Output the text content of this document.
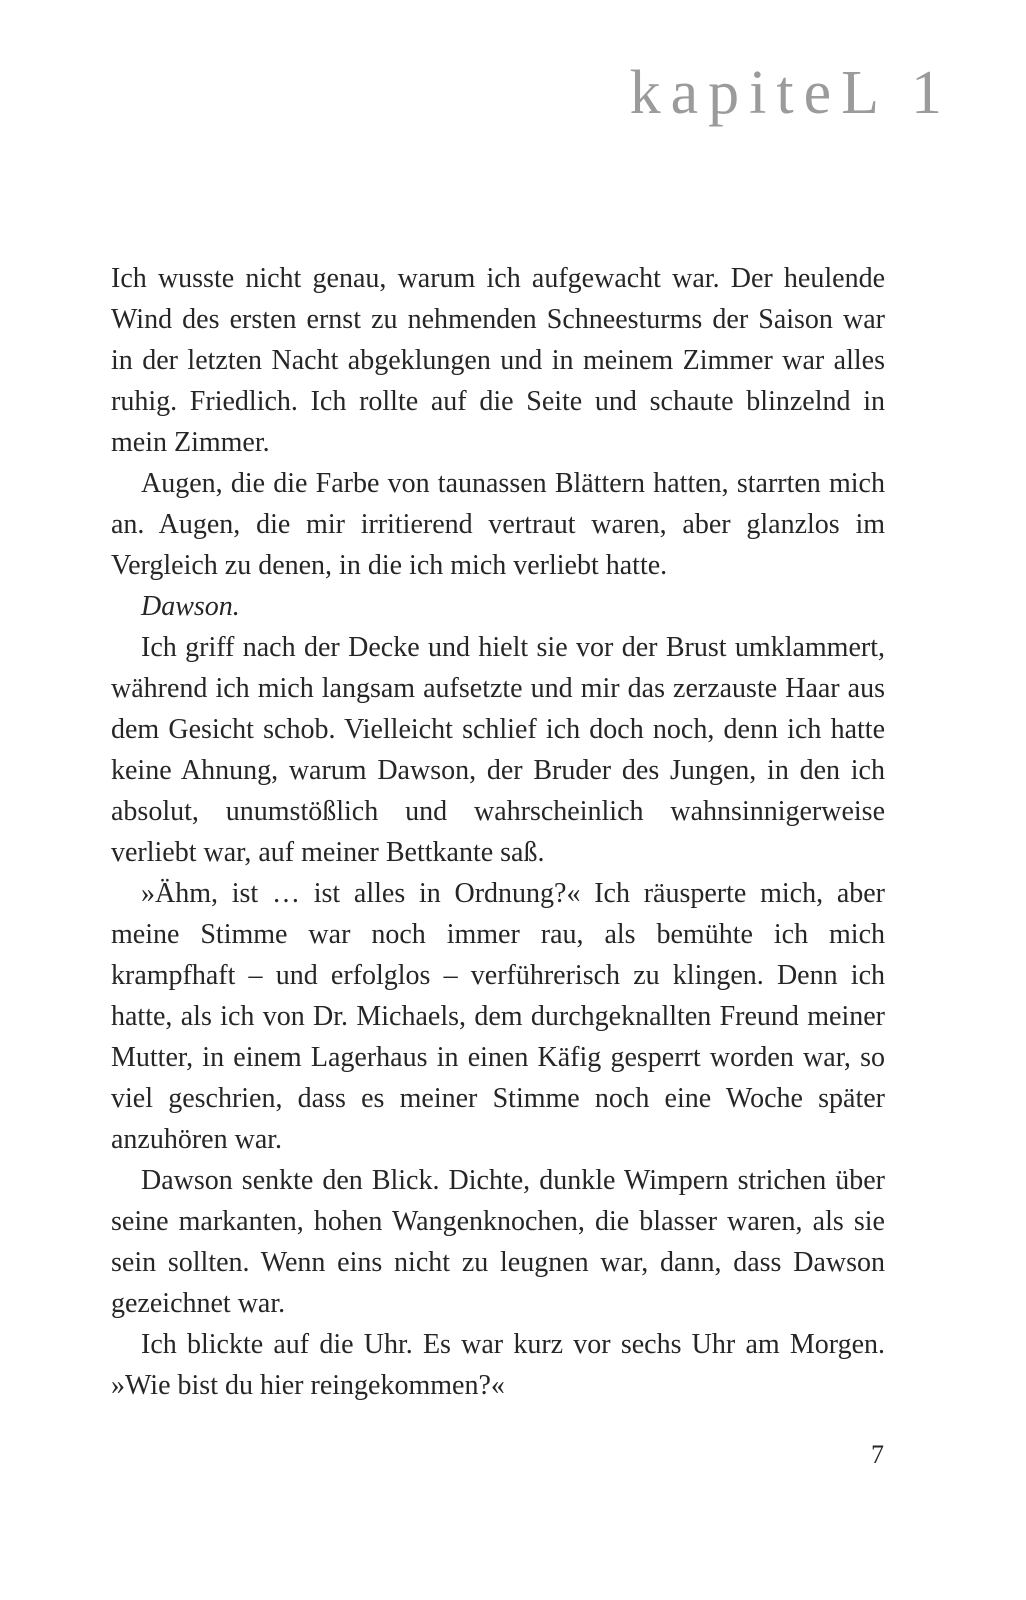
kapiteL 1

Ich wusste nicht genau, warum ich aufgewacht war. Der heulende Wind des ersten ernst zu nehmenden Schneesturms der Saison war in der letzten Nacht abgeklungen und in meinem Zimmer war alles ruhig. Friedlich. Ich rollte auf die Seite und schaute blinzelnd in mein Zimmer.

Augen, die die Farbe von taunassen Blättern hatten, starrten mich an. Augen, die mir irritierend vertraut waren, aber glanzlos im Vergleich zu denen, in die ich mich verliebt hatte.

Dawson.

Ich griff nach der Decke und hielt sie vor der Brust umklammert, während ich mich langsam aufsetzte und mir das zerzauste Haar aus dem Gesicht schob. Vielleicht schlief ich doch noch, denn ich hatte keine Ahnung, warum Dawson, der Bruder des Jungen, in den ich absolut, unumstößlich und wahrscheinlich wahnsinnigerweise verliebt war, auf meiner Bettkante saß.

»Ähm, ist … ist alles in Ordnung?« Ich räusperte mich, aber meine Stimme war noch immer rau, als bemühte ich mich krampfhaft – und erfolglos – verführerisch zu klingen. Denn ich hatte, als ich von Dr. Michaels, dem durchgeknallten Freund meiner Mutter, in einem Lagerhaus in einen Käfig gesperrt worden war, so viel geschrien, dass es meiner Stimme noch eine Woche später anzuhören war.

Dawson senkte den Blick. Dichte, dunkle Wimpern strichen über seine markanten, hohen Wangenknochen, die blasser waren, als sie sein sollten. Wenn eins nicht zu leugnen war, dann, dass Dawson gezeichnet war.

Ich blickte auf die Uhr. Es war kurz vor sechs Uhr am Morgen. »Wie bist du hier reingekommen?«

7
